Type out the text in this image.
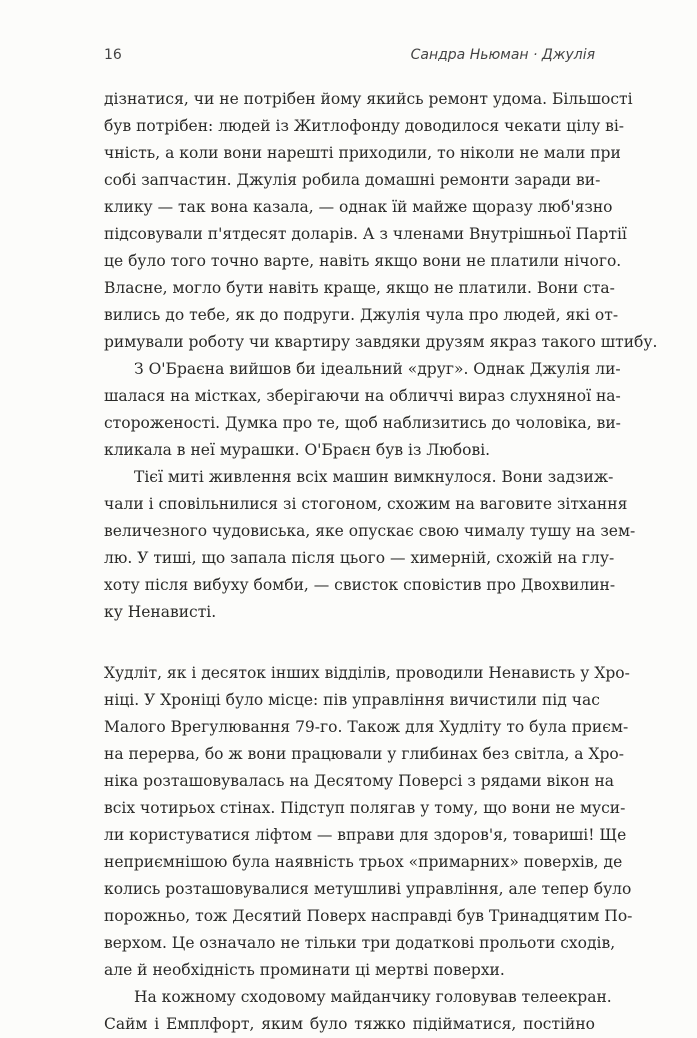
16	Сандра Ньюман · Джулія
дізнатися, чи не потрібен йому якийсь ремонт удома. Більшості
був потрібен: людей із Житлофонду доводилося чекати цілу ві-
чність, а коли вони нарешті приходили, то ніколи не мали при
собі запчастин. Джулія робила домашні ремонти заради ви-
клику — так вона казала, — однак їй майже щоразу люб'язно
підсовували п'ятдесят доларів. А з членами Внутрішньої Партії
це було того точно варте, навіть якщо вони не платили нічого.
Власне, могло бути навіть краще, якщо не платили. Вони ста-
вились до тебе, як до подруги. Джулія чула про людей, які от-
римували роботу чи квартиру завдяки друзям якраз такого штибу.
З О'Брaєна вийшов би ідеальний «друг». Однак Джулія ли-
шалася на містках, зберігаючи на обличчі вираз слухняної на-
стороженості. Думка про те, щоб наблизитись до чоловіка, ви-
кликала в неї мурашки. О'Брaєн був із Любові.
Тієї миті живлення всіх машин вимкнулося. Вони задзиж-
чали і сповільнилися зі стогоном, схожим на ваговите зітхання
величезного чудовиська, яке опускає свою чималу тушу на зем-
лю. У тиші, що запала після цього — химерній, схожій на глу-
хоту після вибуху бомби, — свисток сповістив про Двохвилин-
ку Ненависті.
Худліт, як і десяток інших відділів, проводили Ненависть у Хро-
ніці. У Хроніці було місце: пів управління вичистили під час
Малого Врегулювання 79-го. Також для Худліту то була приєм-
на перерва, бо ж вони працювали у глибинах без світла, а Хро-
ніка розташовувалась на Десятому Поверсі з рядами вікон на
всіх чотирьох стінах. Підступ полягав у тому, що вони не муси-
ли користуватися ліфтом — вправи для здоров'я, товариші! Ще
неприємнішою була наявність трьох «примарних» поверхів, де
колись розташовувалися метушливі управління, але тепер було
порожньо, тож Десятий Поверх насправді був Тринадцятим По-
верхом. Це означало не тільки три додаткові прольоти сходів,
але й необхідність проминати ці мертві поверхи.
На кожному сходовому майданчику головував телеекран.
Сайм і Емплфорт, яким було тяжко підійматися, постійно
